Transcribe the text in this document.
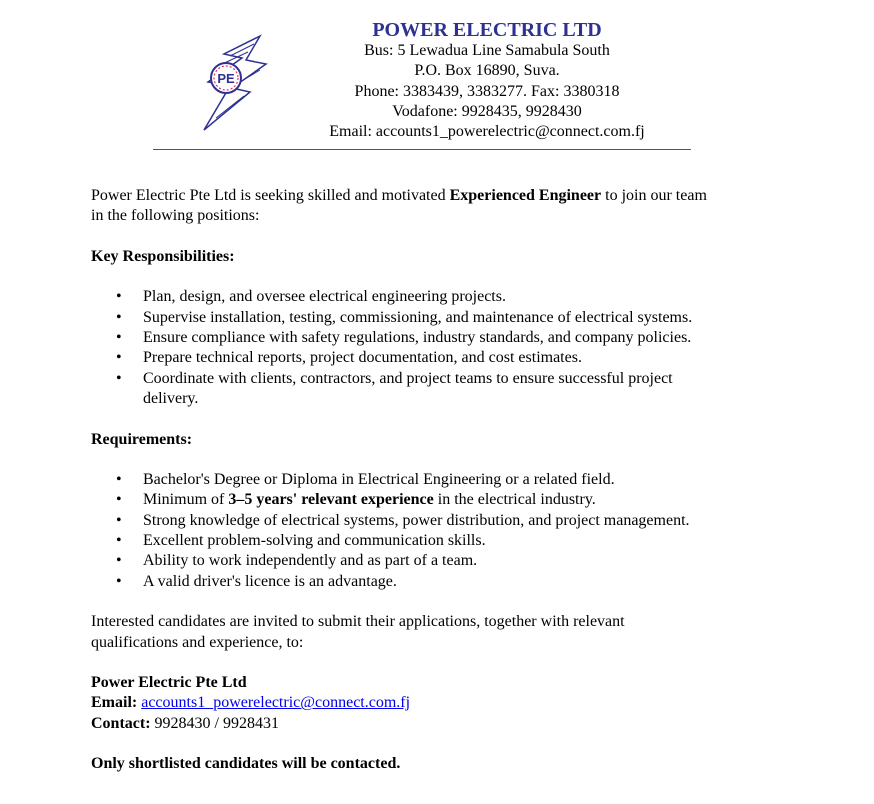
PE
POWER ELECTRIC LTD
Bus: 5 Lewadua Line Samabula South
P.O. Box 16890, Suva.
Phone: 3383439, 3383277. Fax: 3380318
Vodafone: 9928435, 9928430
Email: accounts1_powerelectric@connect.com.fj

Power Electric Pte Ltd is seeking skilled and motivated Experienced Engineer to join our team
in the following positions:

Key Responsibilities:

• Plan, design, and oversee electrical engineering projects.
• Supervise installation, testing, commissioning, and maintenance of electrical systems.
• Ensure compliance with safety regulations, industry standards, and company policies.
• Prepare technical reports, project documentation, and cost estimates.
• Coordinate with clients, contractors, and project teams to ensure successful project
delivery.

Requirements:

• Bachelor's Degree or Diploma in Electrical Engineering or a related field.
• Minimum of 3–5 years' relevant experience in the electrical industry.
• Strong knowledge of electrical systems, power distribution, and project management.
• Excellent problem-solving and communication skills.
• Ability to work independently and as part of a team.
• A valid driver's licence is an advantage.

Interested candidates are invited to submit their applications, together with relevant
qualifications and experience, to:

Power Electric Pte Ltd
Email: accounts1_powerelectric@connect.com.fj
Contact: 9928430 / 9928431

Only shortlisted candidates will be contacted.
